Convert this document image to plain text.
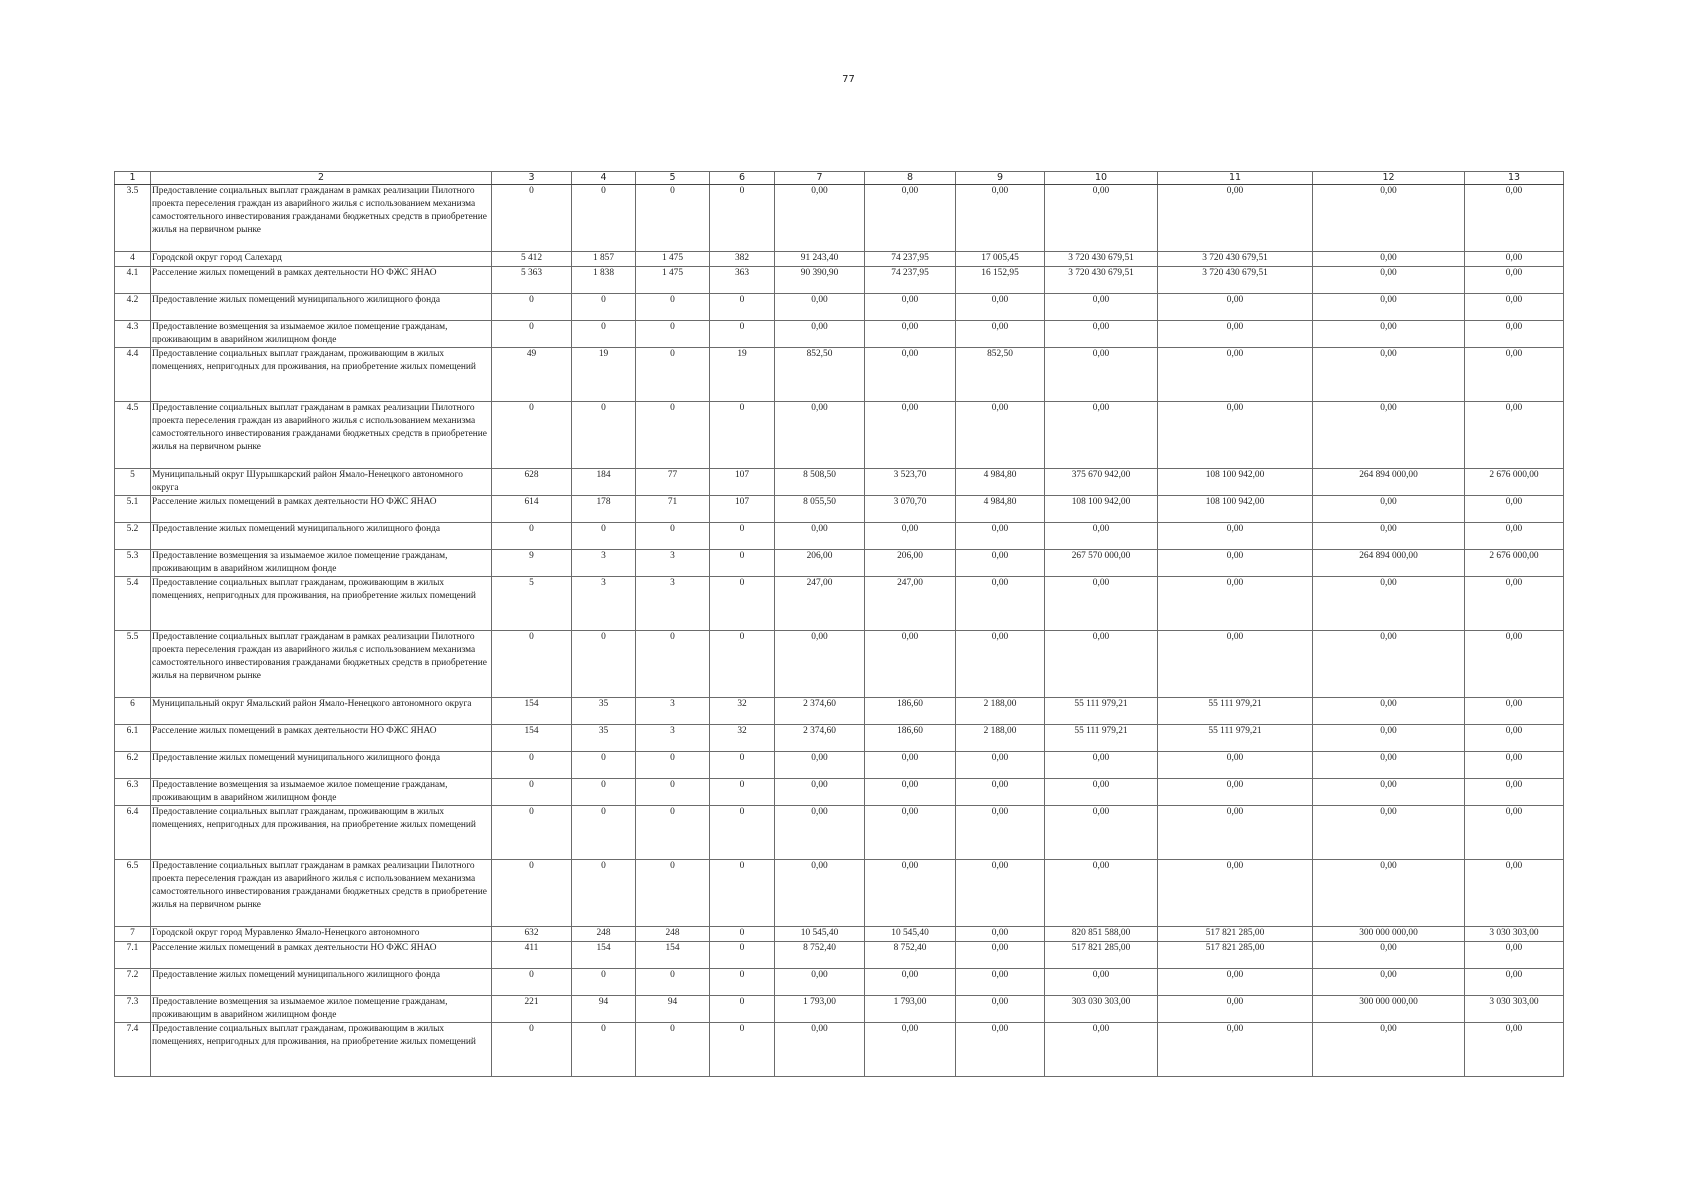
77
1	2	3	4	5	6	7	8	9	10	11	12	13
3.5	Предоставление социальных выплат гражданам в рамках реализации Пилотного проекта переселения граждан из аварийного жилья с использованием механизма самостоятельного инвестирования гражданами бюджетных средств в приобретение жилья на первичном рынке	0	0	0	0	0,00	0,00	0,00	0,00	0,00	0,00	0,00
4	Городской округ город Салехард	5 412	1 857	1 475	382	91 243,40	74 237,95	17 005,45	3 720 430 679,51	3 720 430 679,51	0,00	0,00
4.1	Расселение жилых помещений в рамках деятельности НО ФЖС ЯНАО	5 363	1 838	1 475	363	90 390,90	74 237,95	16 152,95	3 720 430 679,51	3 720 430 679,51	0,00	0,00
4.2	Предоставление жилых помещений муниципального жилищного фонда	0	0	0	0	0,00	0,00	0,00	0,00	0,00	0,00	0,00
4.3	Предоставление возмещения за изымаемое жилое помещение гражданам, проживающим в аварийном жилищном фонде	0	0	0	0	0,00	0,00	0,00	0,00	0,00	0,00	0,00
4.4	Предоставление социальных выплат гражданам, проживающим в жилых помещениях, непригодных для проживания, на приобретение жилых помещений	49	19	0	19	852,50	0,00	852,50	0,00	0,00	0,00	0,00
4.5	Предоставление социальных выплат гражданам в рамках реализации Пилотного проекта переселения граждан из аварийного жилья с использованием механизма самостоятельного инвестирования гражданами бюджетных средств в приобретение жилья на первичном рынке	0	0	0	0	0,00	0,00	0,00	0,00	0,00	0,00	0,00
5	Муниципальный округ Шурышкарский район Ямало-Ненецкого автономного округа	628	184	77	107	8 508,50	3 523,70	4 984,80	375 670 942,00	108 100 942,00	264 894 000,00	2 676 000,00
5.1	Расселение жилых помещений в рамках деятельности НО ФЖС ЯНАО	614	178	71	107	8 055,50	3 070,70	4 984,80	108 100 942,00	108 100 942,00	0,00	0,00
5.2	Предоставление жилых помещений муниципального жилищного фонда	0	0	0	0	0,00	0,00	0,00	0,00	0,00	0,00	0,00
5.3	Предоставление возмещения за изымаемое жилое помещение гражданам, проживающим в аварийном жилищном фонде	9	3	3	0	206,00	206,00	0,00	267 570 000,00	0,00	264 894 000,00	2 676 000,00
5.4	Предоставление социальных выплат гражданам, проживающим в жилых помещениях, непригодных для проживания, на приобретение жилых помещений	5	3	3	0	247,00	247,00	0,00	0,00	0,00	0,00	0,00
5.5	Предоставление социальных выплат гражданам в рамках реализации Пилотного проекта переселения граждан из аварийного жилья с использованием механизма самостоятельного инвестирования гражданами бюджетных средств в приобретение жилья на первичном рынке	0	0	0	0	0,00	0,00	0,00	0,00	0,00	0,00	0,00
6	Муниципальный округ Ямальский район Ямало-Ненецкого автономного округа	154	35	3	32	2 374,60	186,60	2 188,00	55 111 979,21	55 111 979,21	0,00	0,00
6.1	Расселение жилых помещений в рамках деятельности НО ФЖС ЯНАО	154	35	3	32	2 374,60	186,60	2 188,00	55 111 979,21	55 111 979,21	0,00	0,00
6.2	Предоставление жилых помещений муниципального жилищного фонда	0	0	0	0	0,00	0,00	0,00	0,00	0,00	0,00	0,00
6.3	Предоставление возмещения за изымаемое жилое помещение гражданам, проживающим в аварийном жилищном фонде	0	0	0	0	0,00	0,00	0,00	0,00	0,00	0,00	0,00
6.4	Предоставление социальных выплат гражданам, проживающим в жилых помещениях, непригодных для проживания, на приобретение жилых помещений	0	0	0	0	0,00	0,00	0,00	0,00	0,00	0,00	0,00
6.5	Предоставление социальных выплат гражданам в рамках реализации Пилотного проекта переселения граждан из аварийного жилья с использованием механизма самостоятельного инвестирования гражданами бюджетных средств в приобретение жилья на первичном рынке	0	0	0	0	0,00	0,00	0,00	0,00	0,00	0,00	0,00
7	Городской округ город Муравленко Ямало-Ненецкого автономного	632	248	248	0	10 545,40	10 545,40	0,00	820 851 588,00	517 821 285,00	300 000 000,00	3 030 303,00
7.1	Расселение жилых помещений в рамках деятельности НО ФЖС ЯНАО	411	154	154	0	8 752,40	8 752,40	0,00	517 821 285,00	517 821 285,00	0,00	0,00
7.2	Предоставление жилых помещений муниципального жилищного фонда	0	0	0	0	0,00	0,00	0,00	0,00	0,00	0,00	0,00
7.3	Предоставление возмещения за изымаемое жилое помещение гражданам, проживающим в аварийном жилищном фонде	221	94	94	0	1 793,00	1 793,00	0,00	303 030 303,00	0,00	300 000 000,00	3 030 303,00
7.4	Предоставление социальных выплат гражданам, проживающим в жилых помещениях, непригодных для проживания, на приобретение жилых помещений	0	0	0	0	0,00	0,00	0,00	0,00	0,00	0,00	0,00
